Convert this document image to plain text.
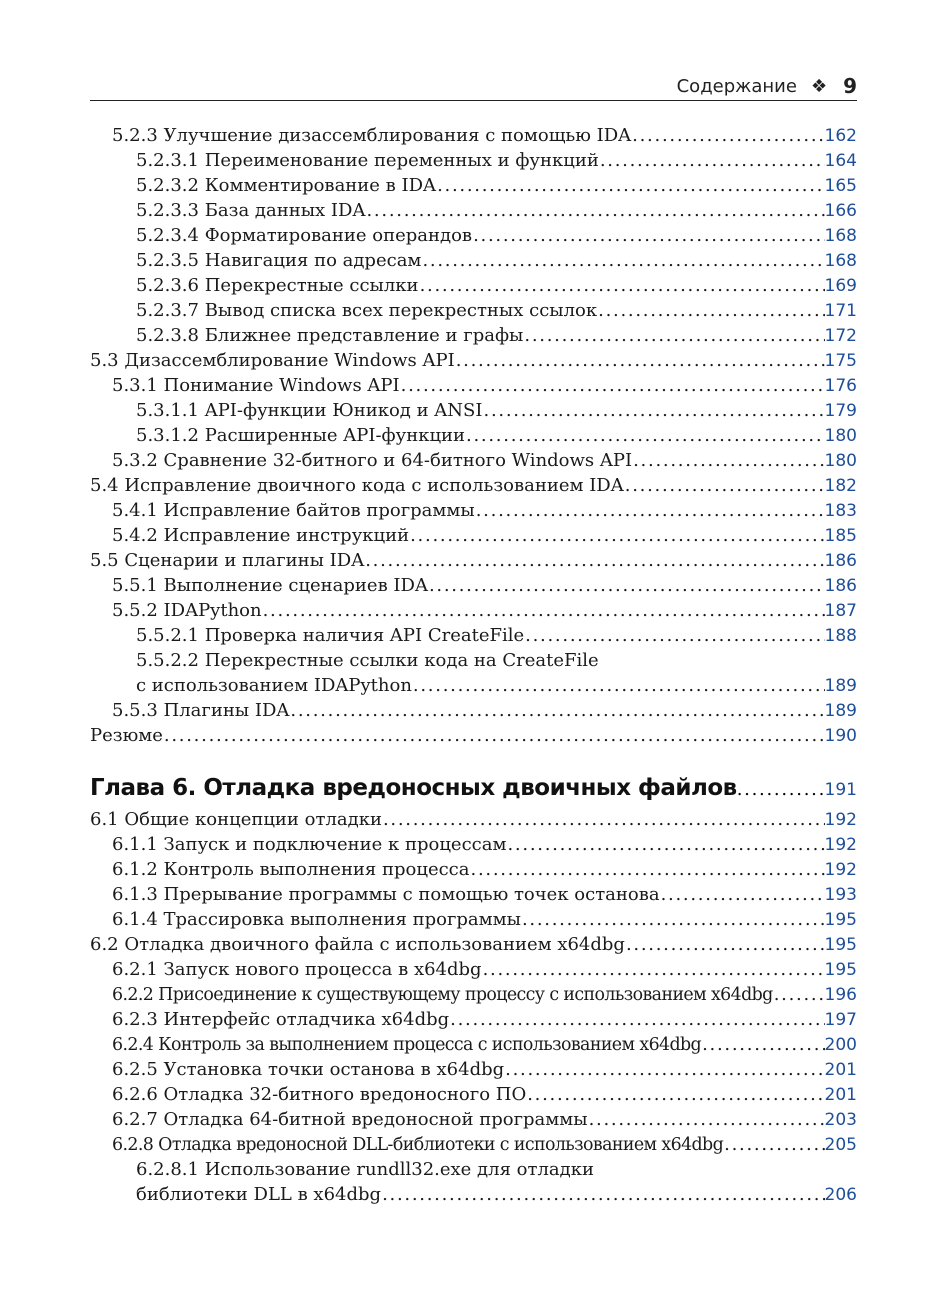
Содержание ❖ 9
5.2.3 Улучшение дизассемблирования с помощью IDA . . .	162
5.2.3.1 Переименование переменных и функций . . .	164
5.2.3.2 Комментирование в IDA . . .	165
5.2.3.3 База данных IDA . . .	166
5.2.3.4 Форматирование операндов . . .	168
5.2.3.5 Навигация по адресам . . .	168
5.2.3.6 Перекрестные ссылки . . .	169
5.2.3.7 Вывод списка всех перекрестных ссылок . . .	171
5.2.3.8 Ближнее представление и графы . . .	172
5.3 Дизассемблирование Windows API . . .	175
5.3.1 Понимание Windows API . . .	176
5.3.1.1 API-функции Юникод и ANSI . . .	179
5.3.1.2 Расширенные API-функции . . .	180
5.3.2 Сравнение 32-битного и 64-битного Windows API . . .	180
5.4 Исправление двоичного кода с использованием IDA . . .	182
5.4.1 Исправление байтов программы . . .	183
5.4.2 Исправление инструкций . . .	185
5.5 Сценарии и плагины IDA . . .	186
5.5.1 Выполнение сценариев IDA . . .	186
5.5.2 IDAPython . . .	187
5.5.2.1 Проверка наличия API CreateFile . . .	188
5.5.2.2 Перекрестные ссылки кода на CreateFile
с использованием IDAPython . . .	189
5.5.3 Плагины IDA . . .	189
Резюме . . .	190
Глава 6. Отладка вредоносных двоичных файлов . . .	191
6.1 Общие концепции отладки . . .	192
6.1.1 Запуск и подключение к процессам . . .	192
6.1.2 Контроль выполнения процесса . . .	192
6.1.3 Прерывание программы с помощью точек останова . . .	193
6.1.4 Трассировка выполнения программы . . .	195
6.2 Отладка двоичного файла с использованием x64dbg . . .	195
6.2.1 Запуск нового процесса в x64dbg . . .	195
6.2.2 Присоединение к существующему процессу с использованием x64dbg . . .	196
6.2.3 Интерфейс отладчика x64dbg . . .	197
6.2.4 Контроль за выполнением процесса с использованием x64dbg . . .	200
6.2.5 Установка точки останова в x64dbg . . .	201
6.2.6 Отладка 32-битного вредоносного ПО . . .	201
6.2.7 Отладка 64-битной вредоносной программы . . .	203
6.2.8 Отладка вредоносной DLL-библиотеки с использованием x64dbg . . .	205
6.2.8.1 Использование rundll32.exe для отладки
библиотеки DLL в x64dbg . . .	206
